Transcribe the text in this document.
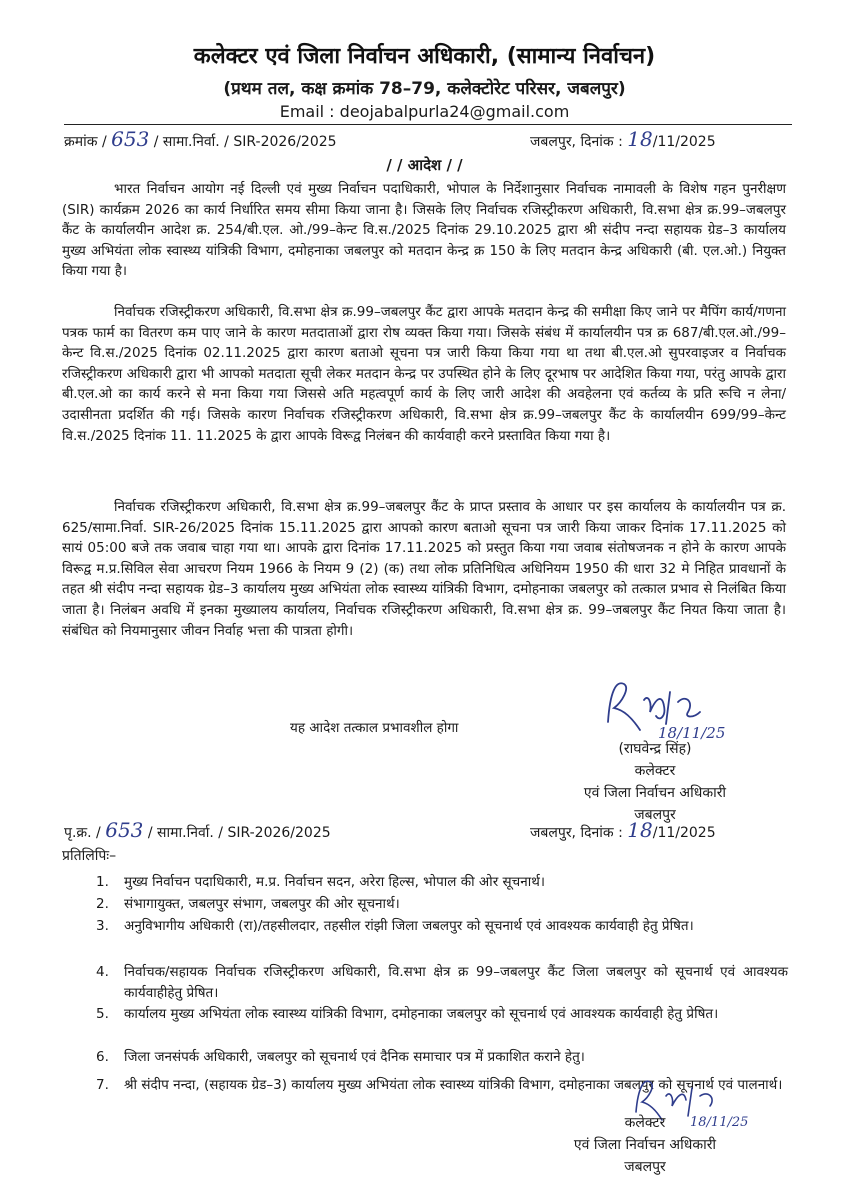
कलेक्टर एवं जिला निर्वाचन अधिकारी, (सामान्य निर्वाचन)
(प्रथम तल, कक्ष क्रमांक 78–79, कलेक्टोरेट परिसर, जबलपुर)
Email : deojabalpurla24@gmail.com
क्रमांक / 653 / सामा.निर्वा. / SIR-2026/2025	जबलपुर, दिनांक : 18/11/2025
/ / आदेश / /

भारत निर्वाचन आयोग नई दिल्ली एवं मुख्य निर्वाचन पदाधिकारी, भोपाल के निर्देशानुसार निर्वाचक नामावली के विशेष गहन पुनरीक्षण (SIR) कार्यक्रम 2026 का कार्य निर्धारित समय सीमा किया जाना है। जिसके लिए निर्वाचक रजिस्ट्रीकरण अधिकारी, वि.सभा क्षेत्र क्र.99–जबलपुर कैंट के कार्यालयीन आदेश क्र. 254/बी.एल. ओ./99–केन्ट वि.स./2025 दिनांक 29.10.2025 द्वारा श्री संदीप नन्दा सहायक ग्रेड–3 कार्यालय मुख्य अभियंता लोक स्वास्थ्य यांत्रिकी विभाग, दमोहनाका जबलपुर को मतदान केन्द्र क्र 150 के लिए मतदान केन्द्र अधिकारी (बी. एल.ओ.) नियुक्त किया गया है।

निर्वाचक रजिस्ट्रीकरण अधिकारी, वि.सभा क्षेत्र क्र.99–जबलपुर कैंट द्वारा आपके मतदान केन्द्र की समीक्षा किए जाने पर मैपिंग कार्य/गणना पत्रक फार्म का वितरण कम पाए जाने के कारण मतदाताओं द्वारा रोष व्यक्त किया गया। जिसके संबंध में कार्यालयीन पत्र क्र 687/बी.एल.ओ./99–केन्ट वि.स./2025 दिनांक 02.11.2025 द्वारा कारण बताओ सूचना पत्र जारी किया किया गया था तथा बी.एल.ओ सुपरवाइजर व निर्वाचक रजिस्ट्रीकरण अधिकारी द्वारा भी आपको मतदाता सूची लेकर मतदान केन्द्र पर उपस्थित होने के लिए दूरभाष पर आदेशित किया गया, परंतु आपके द्वारा बी.एल.ओ का कार्य करने से मना किया गया जिससे अति महत्वपूर्ण कार्य के लिए जारी आदेश की अवहेलना एवं कर्तव्य के प्रति रूचि न लेना/उदासीनता प्रदर्शित की गई। जिसके कारण निर्वाचक रजिस्ट्रीकरण अधिकारी, वि.सभा क्षेत्र क्र.99–जबलपुर कैंट के कार्यालयीन 699/99–केन्ट वि.स./2025 दिनांक 11. 11.2025 के द्वारा आपके विरूद्व निलंबन की कार्यवाही करने प्रस्तावित किया गया है।

निर्वाचक रजिस्ट्रीकरण अधिकारी, वि.सभा क्षेत्र क्र.99–जबलपुर कैंट के प्राप्त प्रस्ताव के आधार पर इस कार्यालय के कार्यालयीन पत्र क्र. 625/सामा.निर्वा. SIR-26/2025 दिनांक 15.11.2025 द्वारा आपको कारण बताओ सूचना पत्र जारी किया जाकर दिनांक 17.11.2025 को सायं 05:00 बजे तक जवाब चाहा गया था। आपके द्वारा दिनांक 17.11.2025 को प्रस्तुत किया गया जवाब संतोषजनक न होने के कारण आपके विरूद्व म.प्र.सिविल सेवा आचरण नियम 1966 के नियम 9 (2) (क) तथा लोक प्रतिनिधित्व अधिनियम 1950 की धारा 32 मे निहित प्रावधानों के तहत श्री संदीप नन्दा सहायक ग्रेड–3 कार्यालय मुख्य अभियंता लोक स्वास्थ्य यांत्रिकी विभाग, दमोहनाका जबलपुर को तत्काल प्रभाव से निलंबित किया जाता है। निलंबन अवधि में इनका मुख्यालय कार्यालय, निर्वाचक रजिस्ट्रीकरण अधिकारी, वि.सभा क्षेत्र क्र. 99–जबलपुर कैंट नियत किया जाता है। संबंधित को नियमानुसार जीवन निर्वाह भत्ता की पात्रता होगी।

यह आदेश तत्काल प्रभावशील होगा	18/11/25
(राघवेन्द्र सिंह)
कलेक्टर
एवं जिला निर्वाचन अधिकारी
जबलपुर
पृ.क्र. / 653 / सामा.निर्वा. / SIR-2026/2025	जबलपुर, दिनांक : 18/11/2025
प्रतिलिपिः–
1.	मुख्य निर्वाचन पदाधिकारी, म.प्र. निर्वाचन सदन, अरेरा हिल्स, भोपाल की ओर सूचनार्थ।
2.	संभागायुक्त, जबलपुर संभाग, जबलपुर की ओर सूचनार्थ।
3.	अनुविभागीय अधिकारी (रा)/तहसीलदार, तहसील रांझी जिला जबलपुर को सूचनार्थ एवं आवश्यक कार्यवाही हेतु प्रेषित।
4.	निर्वाचक/सहायक निर्वाचक रजिस्ट्रीकरण अधिकारी, वि.सभा क्षेत्र क्र 99–जबलपुर कैंट जिला जबलपुर को सूचनार्थ एवं आवश्यक कार्यवाहीहेतु प्रेषित।
5.	कार्यालय मुख्य अभियंता लोक स्वास्थ्य यांत्रिकी विभाग, दमोहनाका जबलपुर को सूचनार्थ एवं आवश्यक कार्यवाही हेतु प्रेषित।
6.	जिला जनसंपर्क अधिकारी, जबलपुर को सूचनार्थ एवं दैनिक समाचार पत्र में प्रकाशित कराने हेतु।
7.	श्री संदीप नन्दा, (सहायक ग्रेड–3) कार्यालय मुख्य अभियंता लोक स्वास्थ्य यांत्रिकी विभाग, दमोहनाका जबलपुर को सूचनार्थ एवं पालनार्थ।
18/11/25
कलेक्टर
एवं जिला निर्वाचन अधिकारी
जबलपुर
